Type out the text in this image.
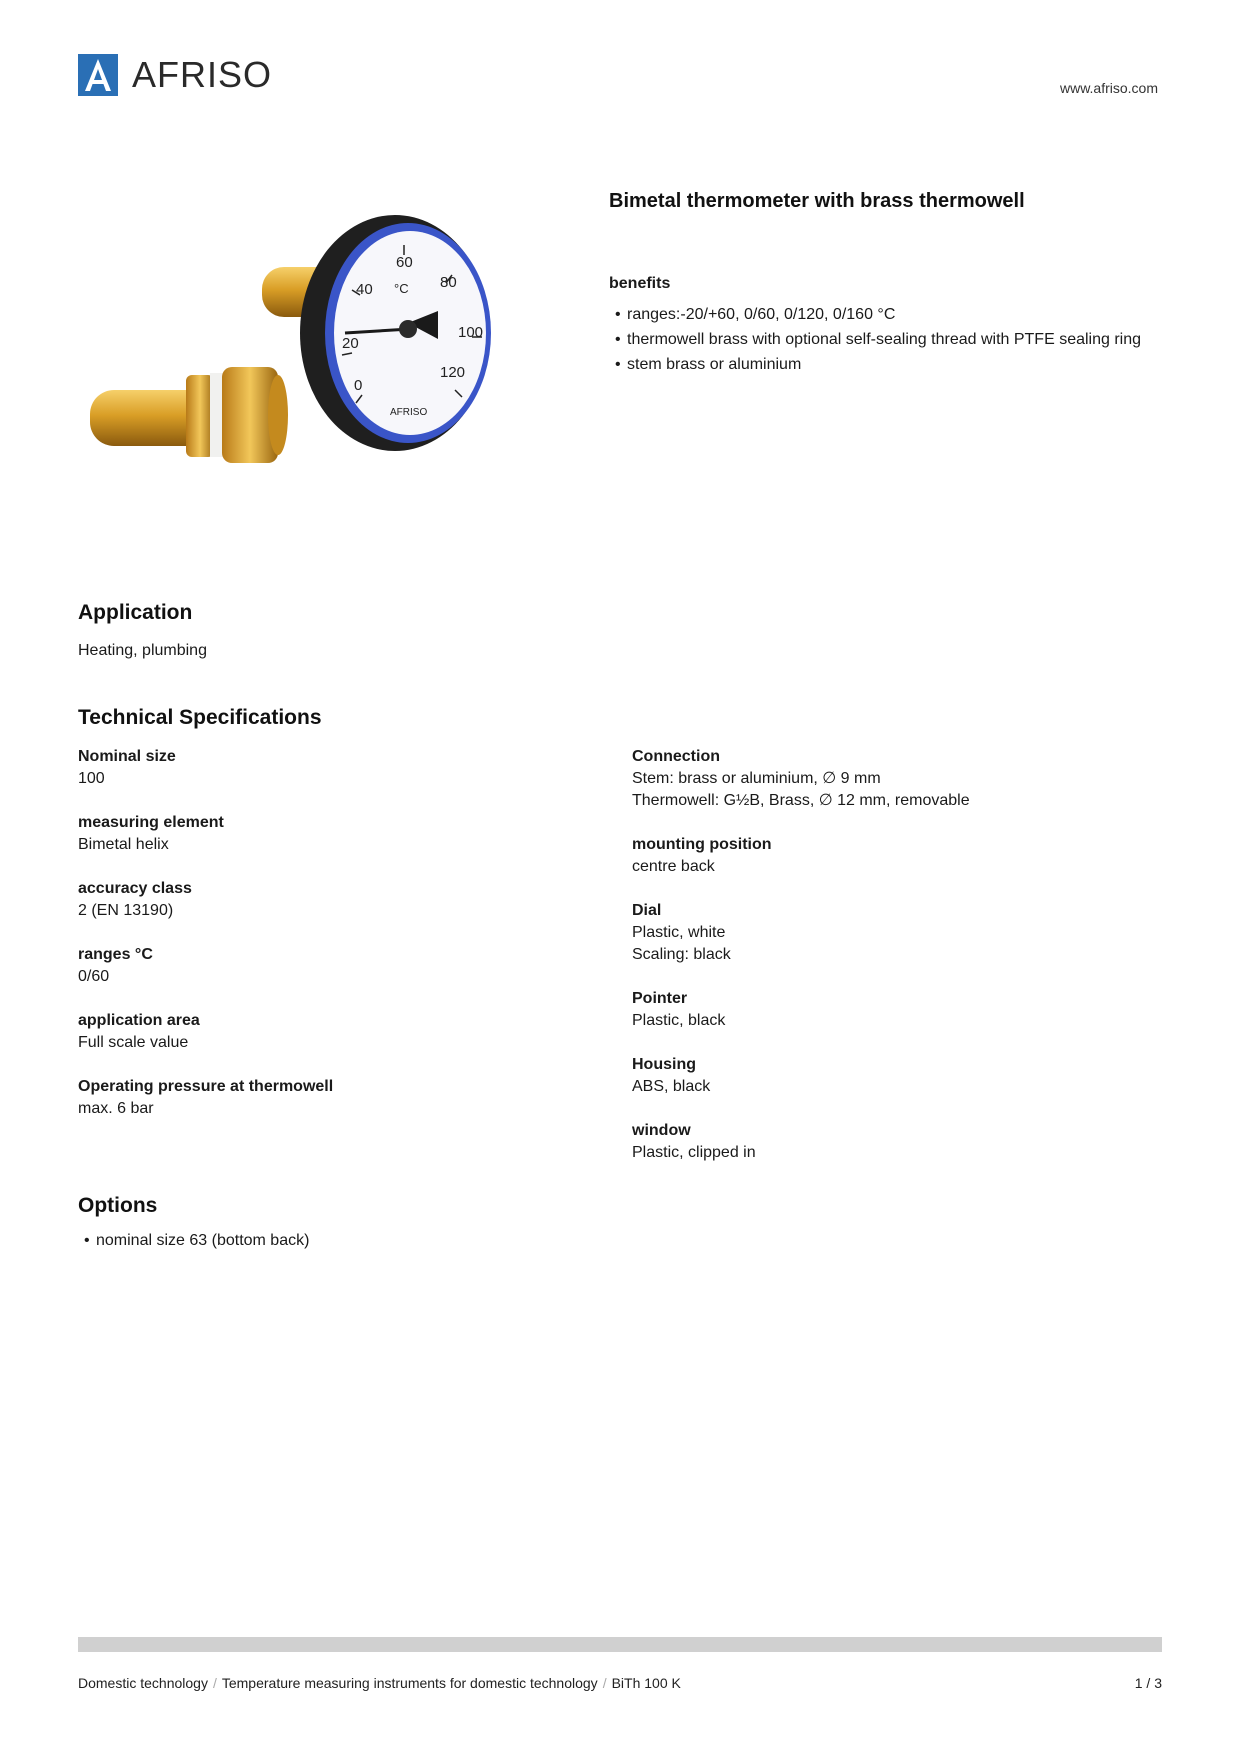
AFRISO	www.afriso.com
0
20
40
60
80
100
120
°C
AFRISO
Bimetal thermometer with brass thermowell
benefits
• ranges:-20/+60, 0/60, 0/120, 0/160 °C
• thermowell brass with optional self-sealing thread with PTFE sealing ring
• stem brass or aluminium
Application
Heating, plumbing
Technical Specifications
Nominal size
100
measuring element
Bimetal helix
accuracy class
2 (EN 13190)
ranges °C
0/60
application area
Full scale value
Operating pressure at thermowell
max. 6 bar
Connection
Stem: brass or aluminium, ∅ 9 mm
Thermowell: G½B, Brass, ∅ 12 mm, removable
mounting position
centre back
Dial
Plastic, white
Scaling: black
Pointer
Plastic, black
Housing
ABS, black
window
Plastic, clipped in
Options
• nominal size 63 (bottom back)
Domestic technology / Temperature measuring instruments for domestic technology / BiTh 100 K	1 / 3
